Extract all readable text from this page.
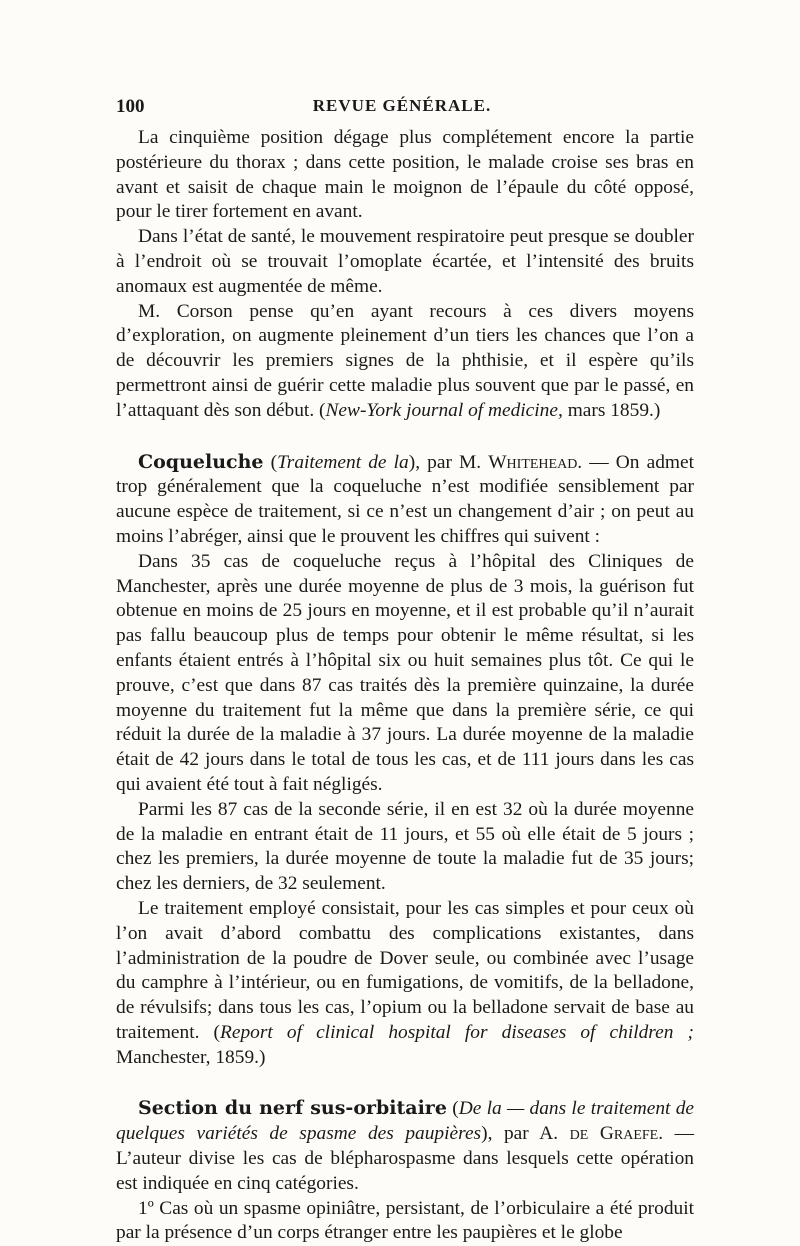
100	REVUE GÉNÉRALE.

La cinquième position dégage plus complétement encore la partie postérieure du thorax ; dans cette position, le malade croise ses bras en avant et saisit de chaque main le moignon de l’épaule du côté opposé, pour le tirer fortement en avant.

Dans l’état de santé, le mouvement respiratoire peut presque se doubler à l’endroit où se trouvait l’omoplate écartée, et l’intensité des bruits anomaux est augmentée de même.

M. Corson pense qu’en ayant recours à ces divers moyens d’exploration, on augmente pleinement d’un tiers les chances que l’on a de découvrir les premiers signes de la phthisie, et il espère qu’ils permettront ainsi de guérir cette maladie plus souvent que par le passé, en l’attaquant dès son début. (New-York journal of medicine, mars 1859.)

Coqueluche (Traitement de la), par M. Whitehead. — On admet trop généralement que la coqueluche n’est modifiée sensiblement par aucune espèce de traitement, si ce n’est un changement d’air ; on peut au moins l’abréger, ainsi que le prouvent les chiffres qui suivent :

Dans 35 cas de coqueluche reçus à l’hôpital des Cliniques de Manchester, après une durée moyenne de plus de 3 mois, la guérison fut obtenue en moins de 25 jours en moyenne, et il est probable qu’il n’aurait pas fallu beaucoup plus de temps pour obtenir le même résultat, si les enfants étaient entrés à l’hôpital six ou huit semaines plus tôt. Ce qui le prouve, c’est que dans 87 cas traités dès la première quinzaine, la durée moyenne du traitement fut la même que dans la première série, ce qui réduit la durée de la maladie à 37 jours. La durée moyenne de la maladie était de 42 jours dans le total de tous les cas, et de 111 jours dans les cas qui avaient été tout à fait négligés.

Parmi les 87 cas de la seconde série, il en est 32 où la durée moyenne de la maladie en entrant était de 11 jours, et 55 où elle était de 5 jours ; chez les premiers, la durée moyenne de toute la maladie fut de 35 jours; chez les derniers, de 32 seulement.

Le traitement employé consistait, pour les cas simples et pour ceux où l’on avait d’abord combattu des complications existantes, dans l’administration de la poudre de Dover seule, ou combinée avec l’usage du camphre à l’intérieur, ou en fumigations, de vomitifs, de la belladone, de révulsifs; dans tous les cas, l’opium ou la belladone servait de base au traitement. (Report of clinical hospital for diseases of children ; Manchester, 1859.)

Section du nerf sus-orbitaire (De la — dans le traitement de quelques variétés de spasme des paupières), par A. de Graefe. — L’auteur divise les cas de blépharospasme dans lesquels cette opération est indiquée en cinq catégories.

1º Cas où un spasme opiniâtre, persistant, de l’orbiculaire a été produit par la présence d’un corps étranger entre les paupières et le globe
